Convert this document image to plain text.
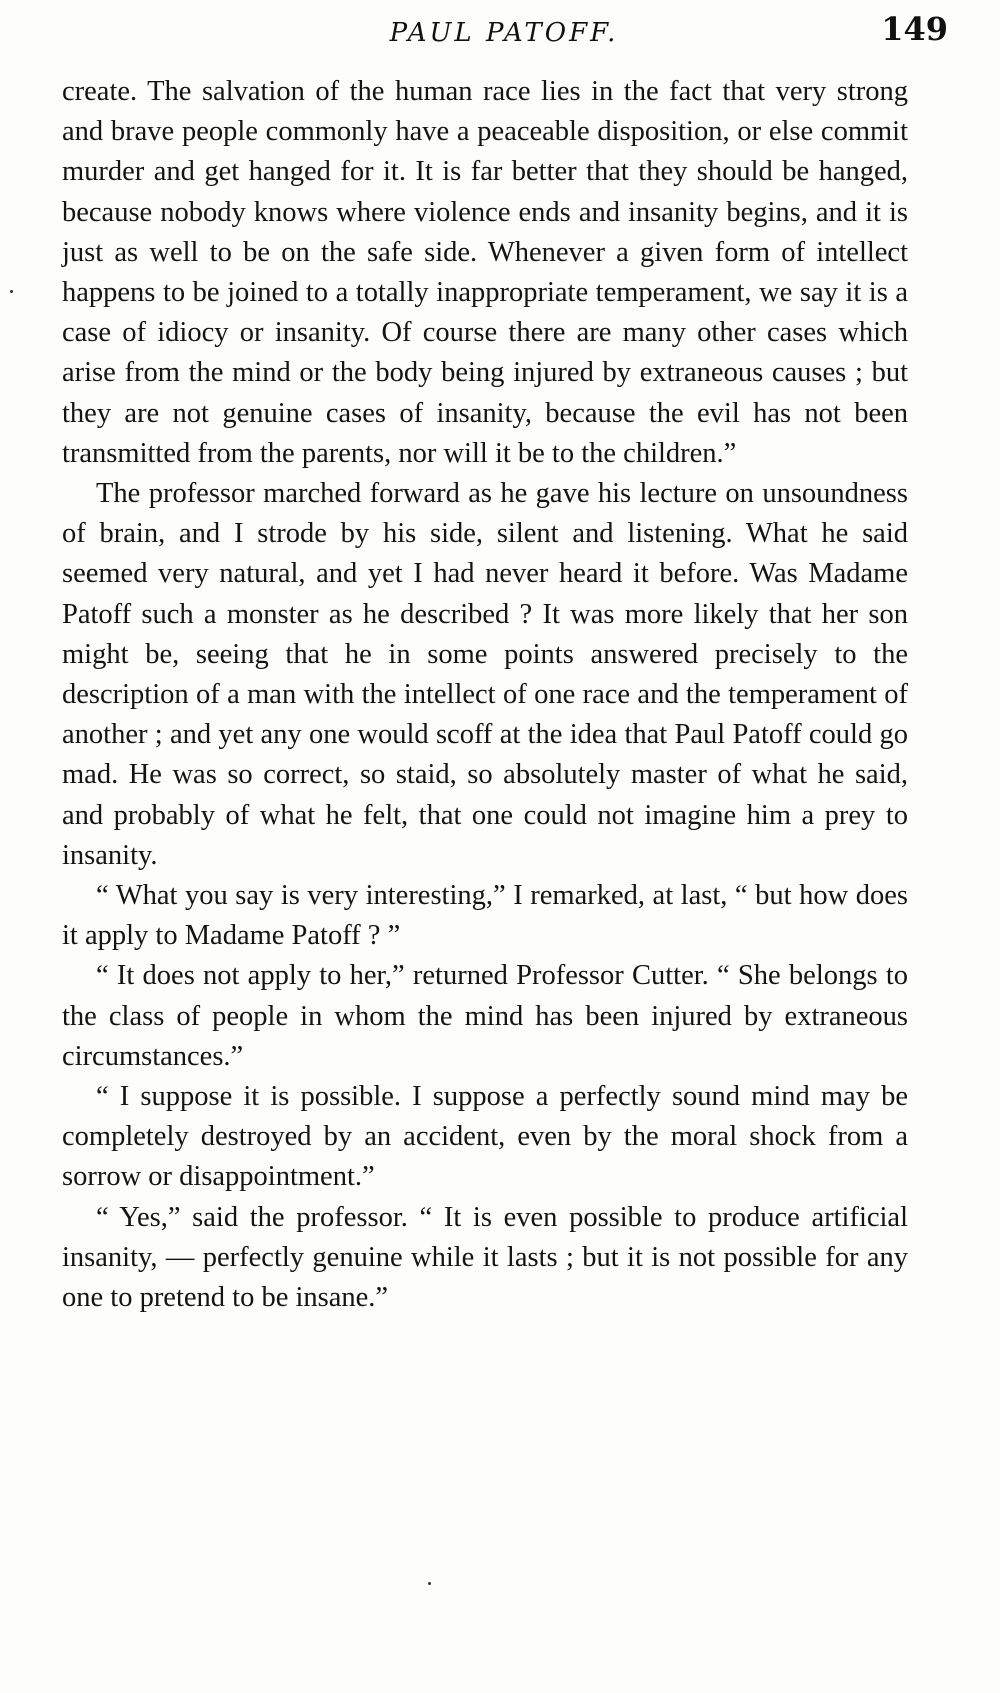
PAUL PATOFF.	149

create. The salvation of the human race lies in the fact that very strong and brave people commonly have a peaceable disposition, or else commit murder and get hanged for it. It is far better that they should be hanged, because nobody knows where violence ends and insanity begins, and it is just as well to be on the safe side. Whenever a given form of intellect happens to be joined to a totally inappropriate temperament, we say it is a case of idiocy or insanity. Of course there are many other cases which arise from the mind or the body being injured by extraneous causes ; but they are not genuine cases of insanity, because the evil has not been transmitted from the parents, nor will it be to the children.”

The professor marched forward as he gave his lecture on unsoundness of brain, and I strode by his side, silent and listening. What he said seemed very natural, and yet I had never heard it before. Was Madame Patoff such a monster as he described ? It was more likely that her son might be, seeing that he in some points answered precisely to the description of a man with the intellect of one race and the temperament of another ; and yet any one would scoff at the idea that Paul Patoff could go mad. He was so correct, so staid, so absolutely master of what he said, and probably of what he felt, that one could not imagine him a prey to insanity.

“ What you say is very interesting,” I remarked, at last, “ but how does it apply to Madame Patoff ? ”

“ It does not apply to her,” returned Professor Cutter. “ She belongs to the class of people in whom the mind has been injured by extraneous circumstances.”

“ I suppose it is possible. I suppose a perfectly sound mind may be completely destroyed by an accident, even by the moral shock from a sorrow or disappointment.”

“ Yes,” said the professor. “ It is even possible to produce artificial insanity, — perfectly genuine while it lasts ; but it is not possible for any one to pretend to be insane.”
